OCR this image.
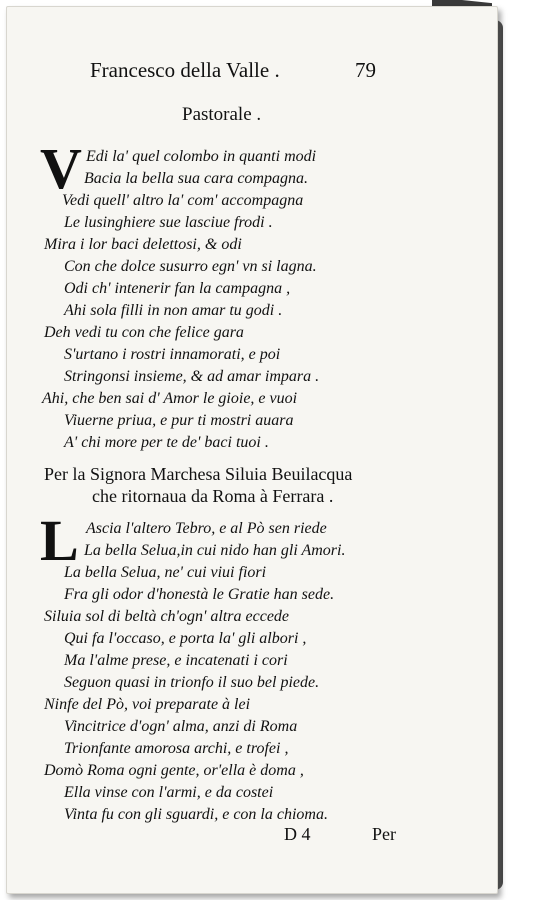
Francesco della Valle .	79
Pastorale .
V Edi la' quel colombo in quanti modi
Bacia la bella sua cara compagna.
Vedi quell' altro la' com' accompagna
Le lusinghiere sue lasciue frodi .
Mira i lor baci delettosi, & odi
Con che dolce susurro egn' vn si lagna.
Odi ch' intenerir fan la campagna ,
Ahi sola filli in non amar tu godi .
Deh vedi tu con che felice gara
S'urtano i rostri innamorati, e poi
Stringonsi insieme, & ad amar impara .
Ahi, che ben sai d' Amor le gioie, e vuoi
Viuerne priua, e pur ti mostri auara
A' chi more per te de' baci tuoi .
Per la Signora Marchesa Siluia Beuilacqua
che ritornaua da Roma à Ferrara .
L Ascia l'altero Tebro, e al Pò sen riede
La bella Selua,in cui nido han gli Amori.
La bella Selua, ne' cui viui fiori
Fra gli odor d'honestà le Gratie han sede.
Siluia sol di beltà ch'ogn' altra eccede
Qui fa l'occaso, e porta la' gli albori ,
Ma l'alme prese, e incatenati i cori
Seguon quasi in trionfo il suo bel piede.
Ninfe del Pò, voi preparate à lei
Vincitrice d'ogn' alma, anzi di Roma
Trionfante amorosa archi, e trofei ,
Domò Roma ogni gente, or'ella è doma ,
Ella vinse con l'armi, e da costei
Vinta fu con gli sguardi, e con la chioma.
D 4	Per
